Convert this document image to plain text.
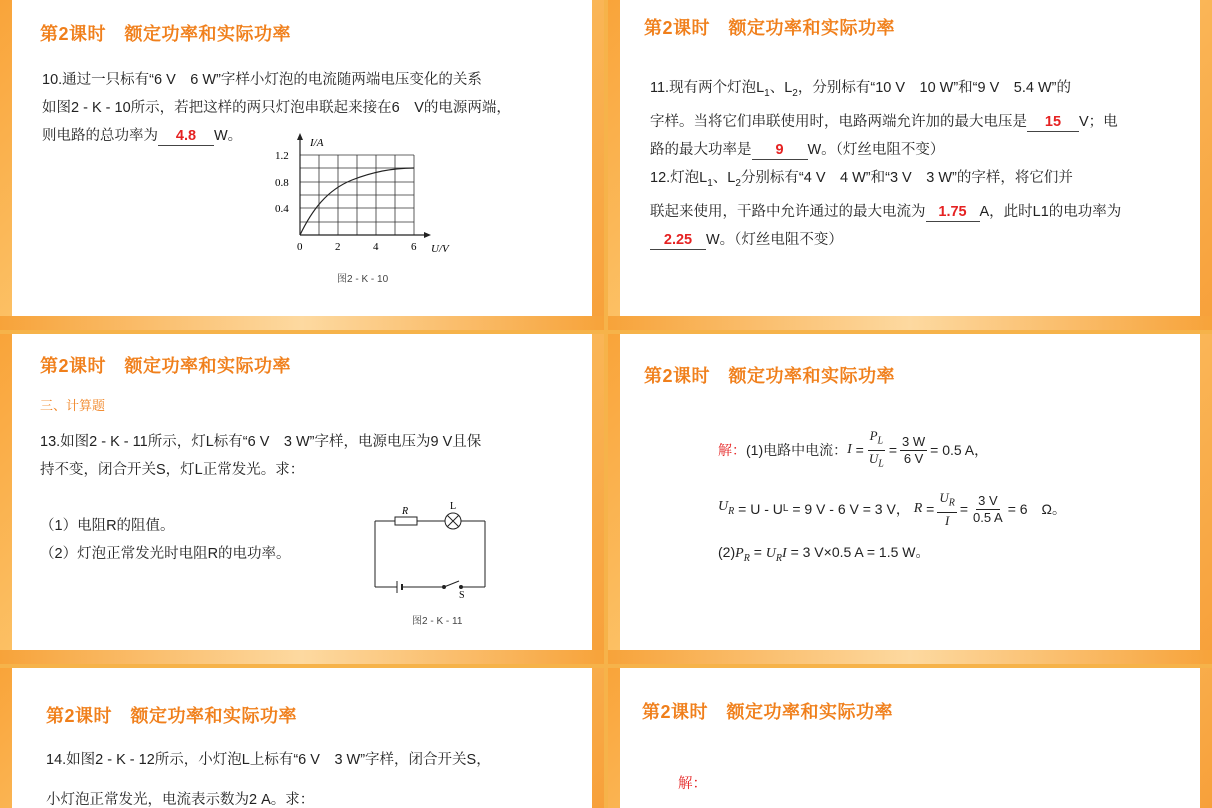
第2课时　额定功率和实际功率
10.通过一只标有“6 V　6 W”字样小灯泡的电流随两端电压变化的关系
如图2 - K - 10所示，若把这样的两只灯泡串联起来接在6　V的电源两端，
则电路的总功率为 4.8 W。	I/A
U/V
1.2
0.8
0.4
0	2	4	6
图2 - K - 10
第2课时　额定功率和实际功率
11.现有两个灯泡$L_1$、$L_2$，分别标有“10 V　10 W”和“9 V　5.4 W”的
字样。当将它们串联使用时，电路两端允许加的最大电压是 15 V；电
路的最大功率是 9 W。（灯丝电阻不变）
12.灯泡$L_1$、$L_2$分别标有“4 V　4 W”和“3 V　3 W”的字样，将它们并
联起来使用，干路中允许通过的最大电流为 1.75 A，此时L1的电功率为
2.25 W。（灯丝电阻不变）
第2课时　额定功率和实际功率
三、计算题
13.如图2 - K - 11所示，灯L标有“6 V　3 W”字样，电源电压为9 V且保
持不变，闭合开关S，灯L正常发光。求：
（1）电阻R的阻值。
（2）灯泡正常发光时电阻R的电功率。
R	L
S
图2 - K - 11
第2课时　额定功率和实际功率
解： (1)电路中电流： $I = \frac{P_L}{U_L} = \frac{3 W}{6 V} = 0.5$ A，
$U_R$
= U - U L
= 9 V - 6 V = 3 V，
$R = \frac{U_R}{I} = \frac{3 V}{0.5 A} = 6$　Ω。
$(2)P_R = U_RI = 3$ V×0.5 A = 1.5 W。
第2课时　额定功率和实际功率
14.如图2 - K - 12所示，小灯泡L上标有“6 V　3 W”字样，闭合开关S，
小灯泡正常发光，电流表示数为2 A。求：
第2课时　额定功率和实际功率
解：
